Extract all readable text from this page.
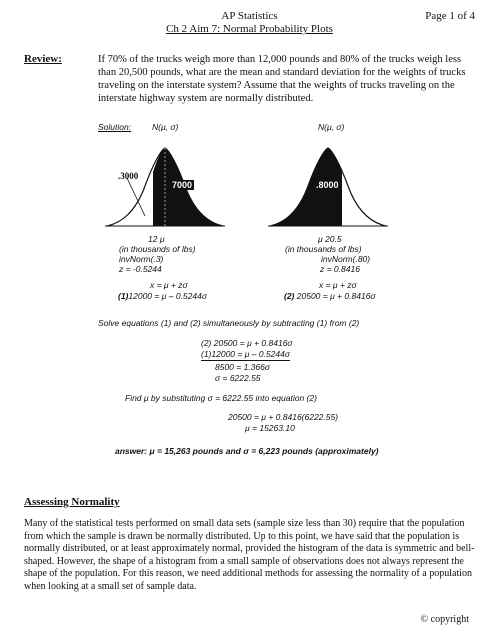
AP Statistics
Ch 2 Aim 7: Normal Probability Plots
Page 1 of 4
Review:	If 70% of the trucks weigh more than 12,000 pounds and 80% of the trucks weigh less than 20,500 pounds, what are the mean and standard deviation for the weights of trucks traveling on the interstate system? Assume that the weights of trucks traveling on the interstate highway system are normally distributed.
Solution: N(μ, σ)	N(μ, σ)
.3000
7000	.8000
12 μ
(in thousands of lbs)
invNorm(.3)
z = -0.5244
x = μ + zσ
(1)12000 = μ – 0.5244σ
μ 20.5
(in thousands of lbs)
invNorm(.80)
z = 0.8416
x = μ + zσ
(2) 20500 = μ + 0.8416σ
Solve equations (1) and (2) simultaneously by subtracting (1) from (2)
(2) 20500 = μ + 0.8416σ
(1)12000 = μ – 0.5244σ
8500 = 1.366σ
σ = 6222.55
Find μ by substituting σ = 6222.55 into equation (2)
20500 = μ + 0.8416(6222.55)
μ = 15263.10
answer: μ = 15,263 pounds and σ = 6,223 pounds (approximately)
Assessing Normality
Many of the statistical tests performed on small data sets (sample size less than 30) require that the population from which the sample is drawn be normally distributed. Up to this point, we have said that the population is normally distributed, or at least approximately normal, provided the histogram of the data is symmetric and bell-shaped. However, the shape of a histogram from a small sample of observations does not always represent the shape of the population. For this reason, we need additional methods for assessing the normality of a population when looking at a small set of sample data.
© copyright
